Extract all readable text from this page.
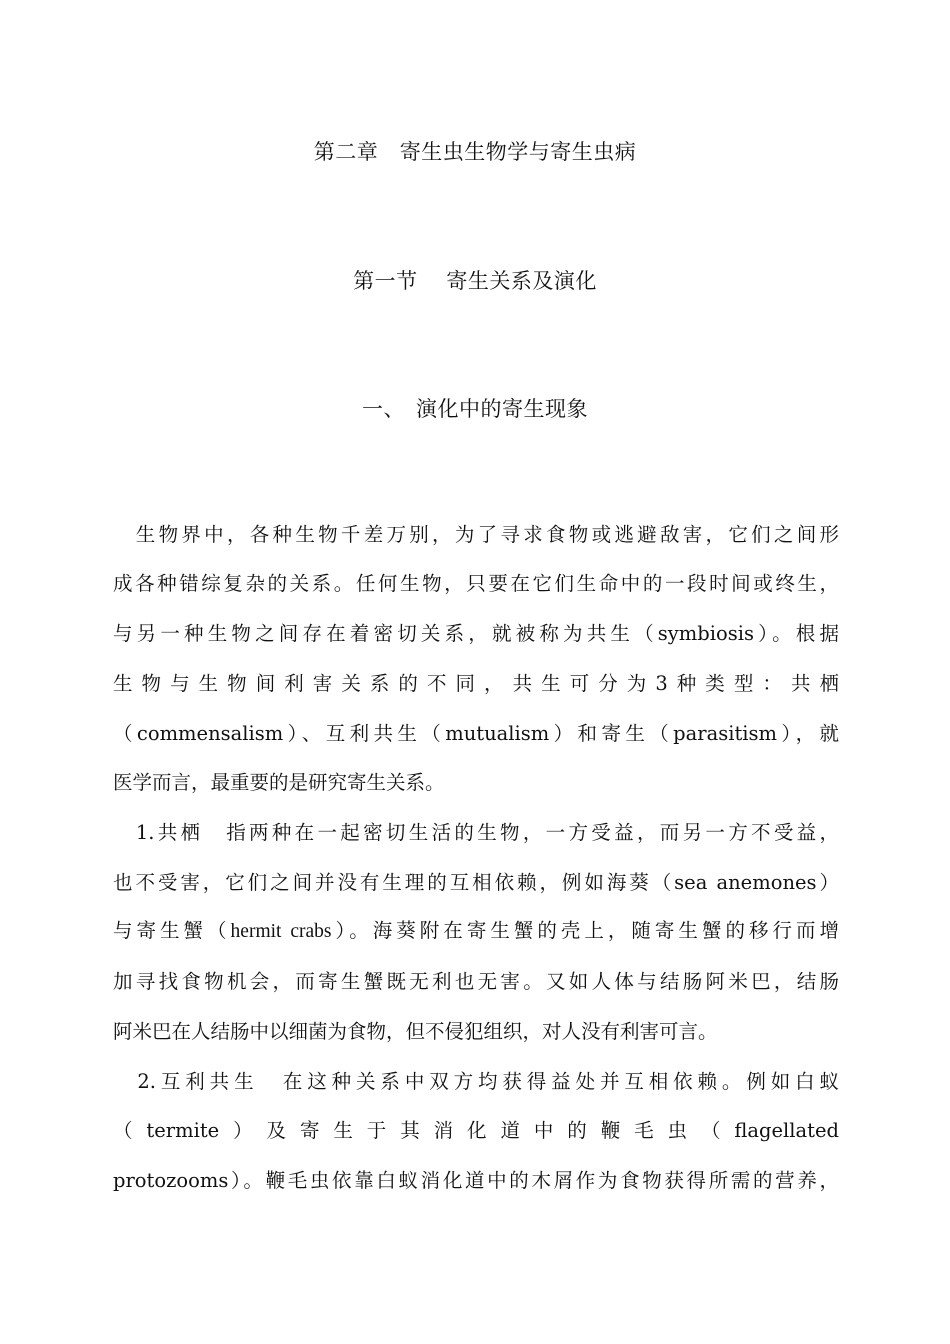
第二章　寄生虫生物学与寄生虫病
第一节　 寄生关系及演化
一、　演化中的寄生现象
　生物界中，各种生物千差万别，为了寻求食物或逃避敌害，它们之间形
成各种错综复杂的关系。任何生物，只要在它们生命中的一段时间或终生，
与另一种生物之间存在着密切关系，就被称为共生（symbiosis）。根据
生物与生物间利害关系的不同，共生可分为3种类型：共栖
（commensalism）、互利共生（mutualism）和寄生（parasitism），就
医学而言，最重要的是研究寄生关系。
　1.共栖　指两种在一起密切生活的生物，一方受益，而另一方不受益，
也不受害，它们之间并没有生理的互相依赖，例如海葵（sea anemones）
与寄生蟹（hermit crabs）。海葵附在寄生蟹的壳上，随寄生蟹的移行而增
加寻找食物机会，而寄生蟹既无利也无害。又如人体与结肠阿米巴，结肠
阿米巴在人结肠中以细菌为食物，但不侵犯组织，对人没有利害可言。
　2.互利共生　在这种关系中双方均获得益处并互相依赖。例如白蚁
（termite）及寄生于其消化道中的鞭毛虫（flagellated
protozooms）。鞭毛虫依靠白蚁消化道中的木屑作为食物获得所需的营养，
